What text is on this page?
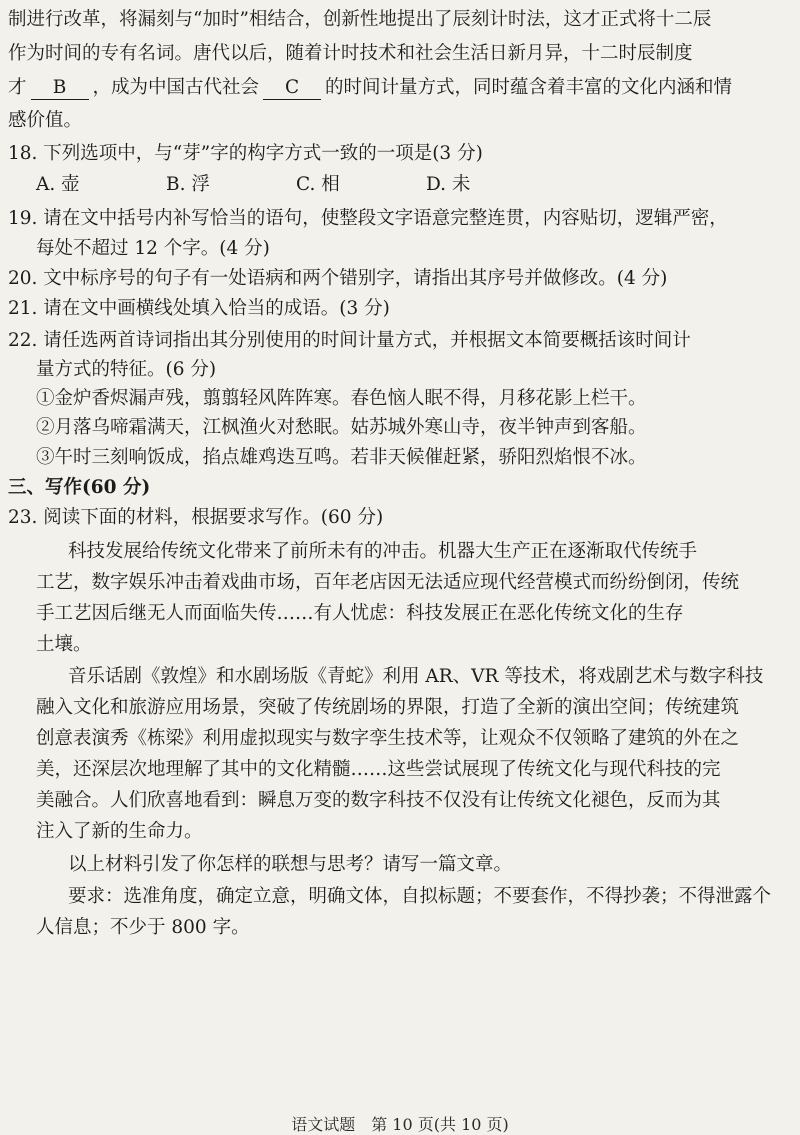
制进行改革，将漏刻与“加时”相结合，创新性地提出了辰刻计时法，这才正式将十二辰
作为时间的专有名词。唐代以后，随着计时技术和社会生活日新月异，十二时辰制度
才 B ，成为中国古代社会 C 的时间计量方式，同时蕴含着丰富的文化内涵和情
感价值。
18. 下列选项中，与“芽”字的构字方式一致的一项是(3 分)
A. 壶	B. 浮	C. 相	D. 未
19. 请在文中括号内补写恰当的语句，使整段文字语意完整连贯，内容贴切，逻辑严密，
每处不超过 12 个字。(4 分)
20. 文中标序号的句子有一处语病和两个错别字，请指出其序号并做修改。(4 分)
21. 请在文中画横线处填入恰当的成语。(3 分)
22. 请任选两首诗词指出其分别使用的时间计量方式，并根据文本简要概括该时间计
量方式的特征。(6 分)
①金炉香烬漏声残，翦翦轻风阵阵寒。春色恼人眠不得，月移花影上栏干。
②月落乌啼霜满天，江枫渔火对愁眠。姑苏城外寒山寺，夜半钟声到客船。
③午时三刻响饭成，掐点雄鸡迭互鸣。若非天候催赶紧，骄阳烈焰恨不冰。
三、写作(60 分)
23. 阅读下面的材料，根据要求写作。(60 分)
科技发展给传统文化带来了前所未有的冲击。机器大生产正在逐渐取代传统手
工艺，数字娱乐冲击着戏曲市场，百年老店因无法适应现代经营模式而纷纷倒闭，传统
手工艺因后继无人而面临失传……有人忧虑：科技发展正在恶化传统文化的生存
土壤。
音乐话剧《敦煌》和水剧场版《青蛇》利用 AR、VR 等技术，将戏剧艺术与数字科技
融入文化和旅游应用场景，突破了传统剧场的界限，打造了全新的演出空间；传统建筑
创意表演秀《栋梁》利用虚拟现实与数字孪生技术等，让观众不仅领略了建筑的外在之
美，还深层次地理解了其中的文化精髓……这些尝试展现了传统文化与现代科技的完
美融合。人们欣喜地看到：瞬息万变的数字科技不仅没有让传统文化褪色，反而为其
注入了新的生命力。
以上材料引发了你怎样的联想与思考？请写一篇文章。
要求：选准角度，确定立意，明确文体，自拟标题；不要套作，不得抄袭；不得泄露个
人信息；不少于 800 字。
语文试题　第 10 页(共 10 页)
